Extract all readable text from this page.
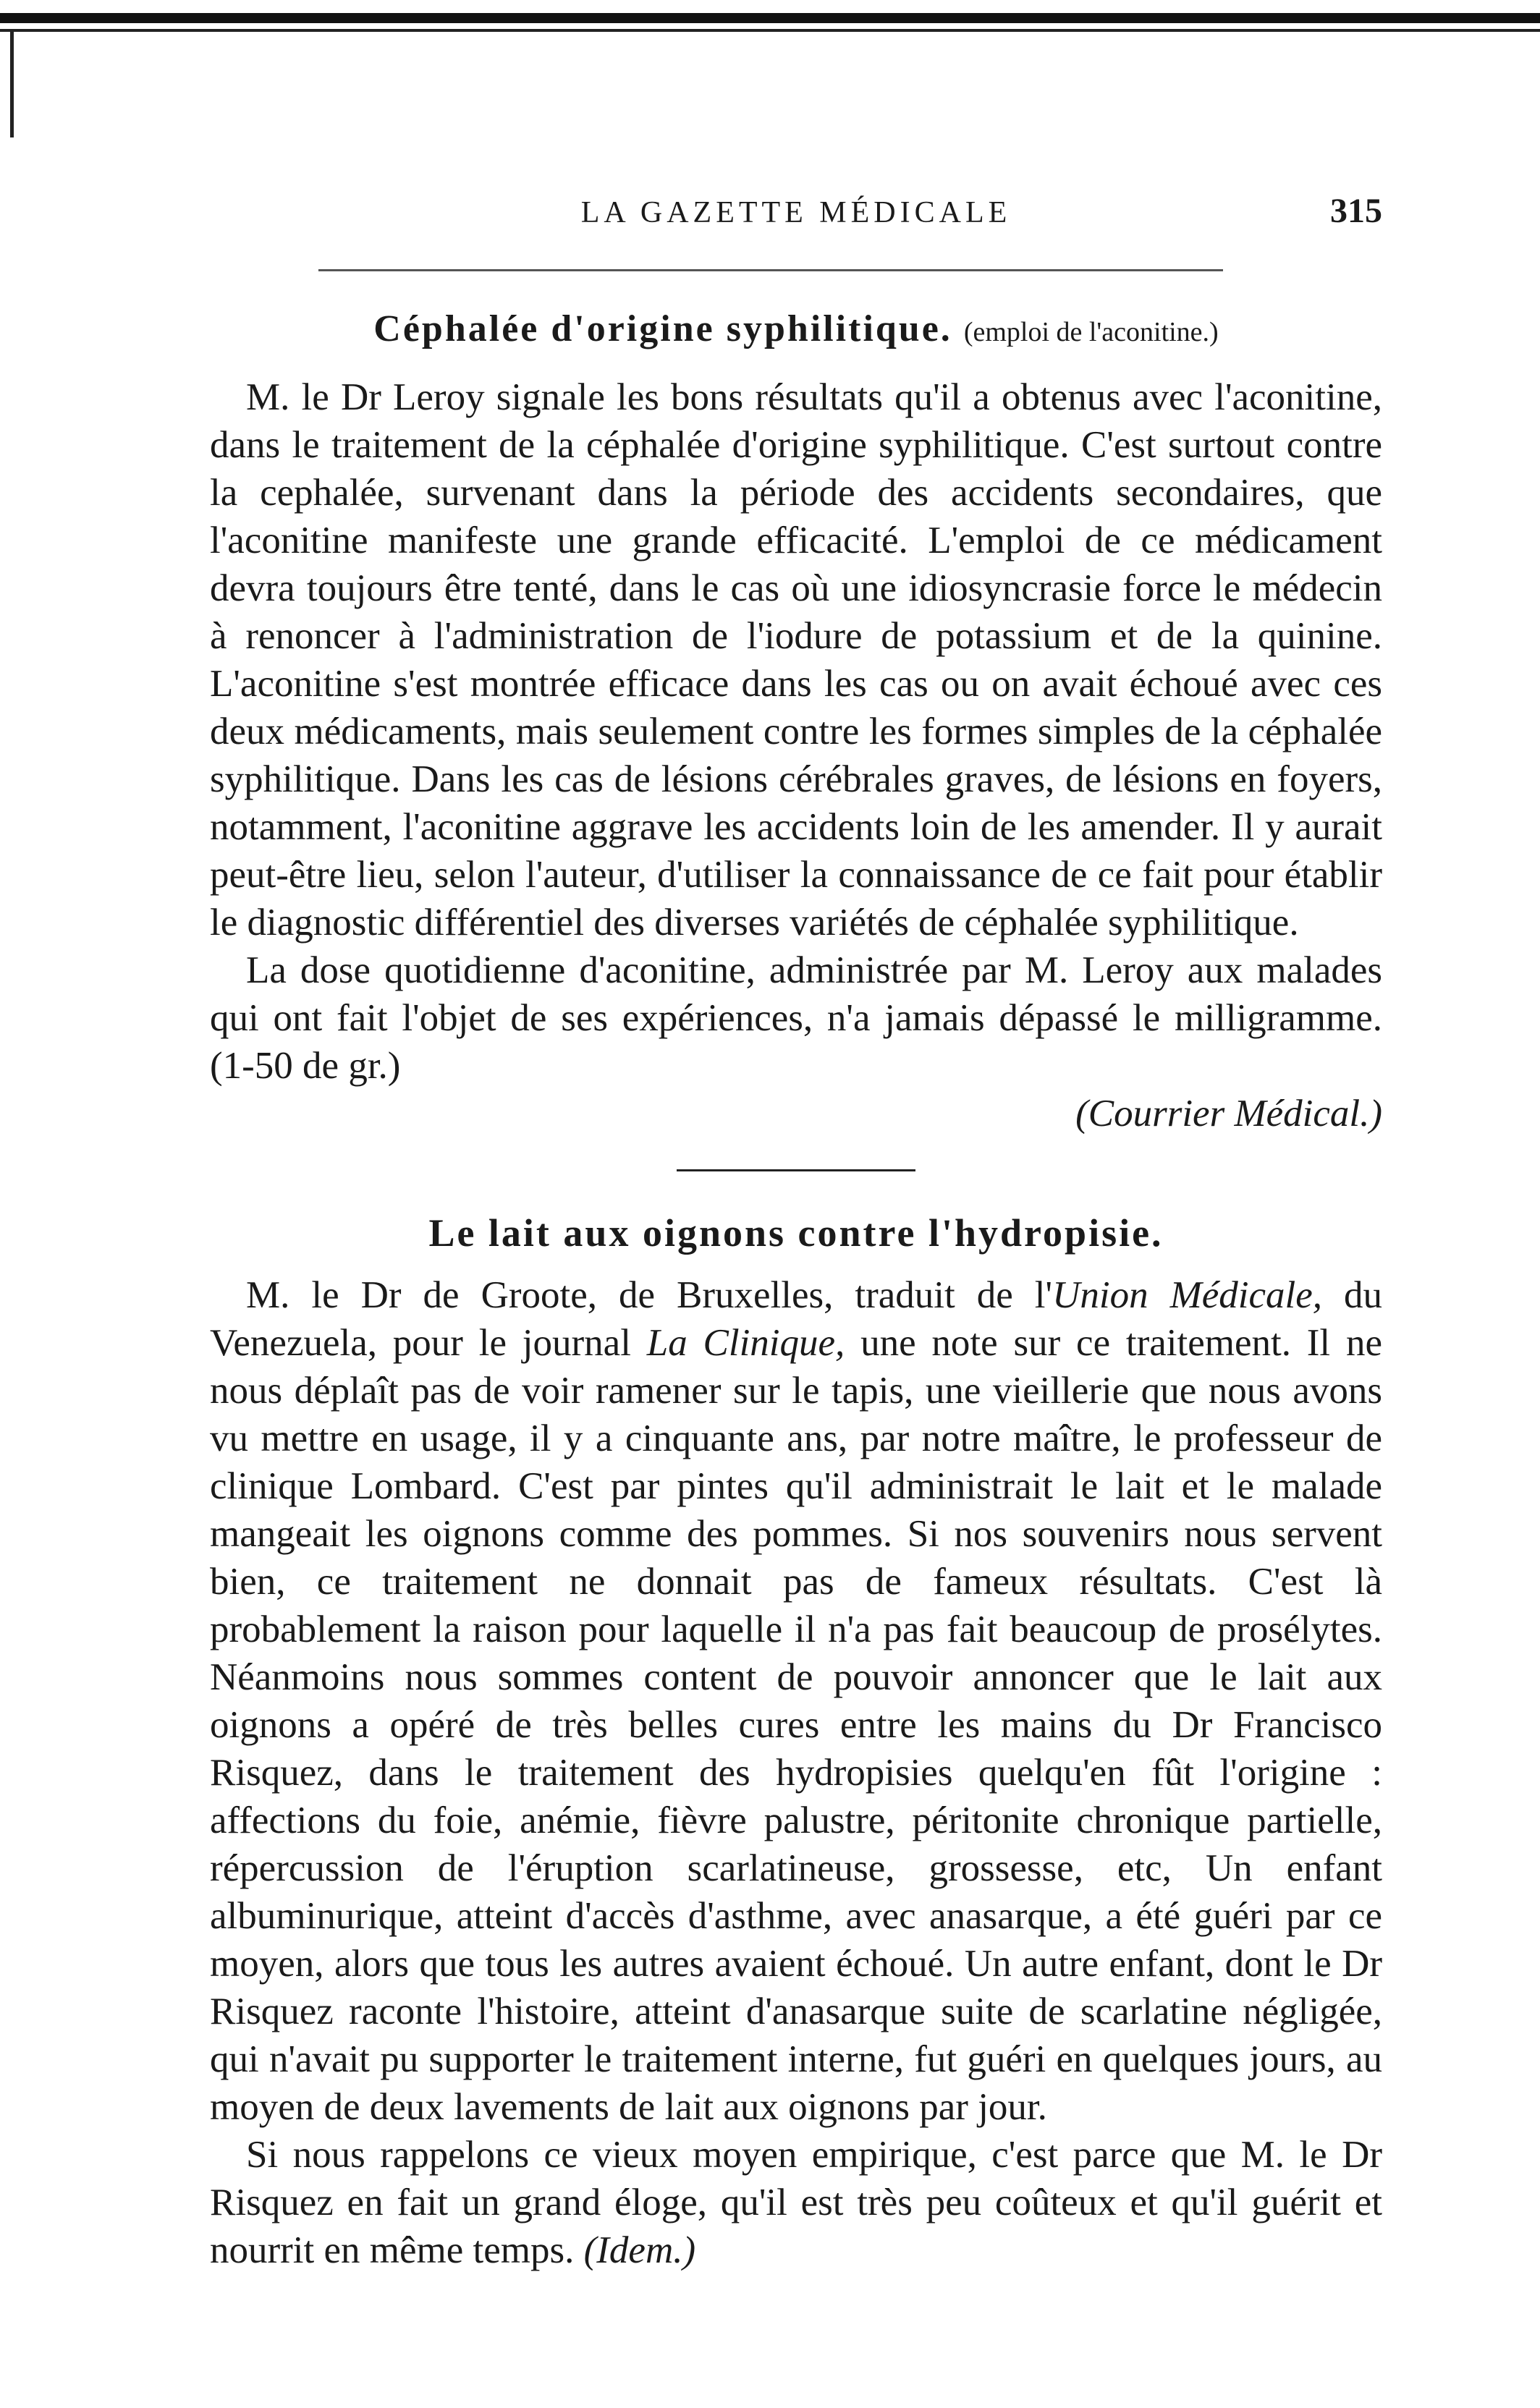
LA GAZETTE MÉDICALE	315
Céphalée d'origine syphilitique. (emploi de l'aconitine.)

M. le Dr Leroy signale les bons résultats qu'il a obtenus avec l'aconitine, dans le traitement de la céphalée d'origine syphilitique. C'est surtout contre la cephalée, survenant dans la période des accidents secondaires, que l'aconitine manifeste une grande efficacité. L'emploi de ce médicament devra toujours être tenté, dans le cas où une idiosyncrasie force le médecin à renoncer à l'administration de l'iodure de potassium et de la quinine. L'aconitine s'est montrée efficace dans les cas ou on avait échoué avec ces deux médicaments, mais seulement contre les formes simples de la céphalée syphilitique. Dans les cas de lésions cérébrales graves, de lésions en foyers, notamment, l'aconitine aggrave les accidents loin de les amender. Il y aurait peut-être lieu, selon l'auteur, d'utiliser la connaissance de ce fait pour établir le diagnostic différentiel des diverses variétés de céphalée syphilitique.

La dose quotidienne d'aconitine, administrée par M. Leroy aux malades qui ont fait l'objet de ses expériences, n'a jamais dépassé le milligramme. (1-50 de gr.)

(Courrier Médical.)
Le lait aux oignons contre l'hydropisie.

M. le Dr de Groote, de Bruxelles, traduit de l'Union Médicale, du Venezuela, pour le journal La Clinique, une note sur ce traitement. Il ne nous déplaît pas de voir ramener sur le tapis, une vieillerie que nous avons vu mettre en usage, il y a cinquante ans, par notre maître, le professeur de clinique Lombard. C'est par pintes qu'il administrait le lait et le malade mangeait les oignons comme des pommes. Si nos souvenirs nous servent bien, ce traitement ne donnait pas de fameux résultats. C'est là probablement la raison pour laquelle il n'a pas fait beaucoup de prosélytes. Néanmoins nous sommes content de pouvoir annoncer que le lait aux oignons a opéré de très belles cures entre les mains du Dr Francisco Risquez, dans le traitement des hydropisies quelqu'en fût l'origine : affections du foie, anémie, fièvre palustre, péritonite chronique partielle, répercussion de l'éruption scarlatineuse, grossesse, etc, Un enfant albuminurique, atteint d'accès d'asthme, avec anasarque, a été guéri par ce moyen, alors que tous les autres avaient échoué. Un autre enfant, dont le Dr Risquez raconte l'histoire, atteint d'anasarque suite de scarlatine négligée, qui n'avait pu supporter le traitement interne, fut guéri en quelques jours, au moyen de deux lavements de lait aux oignons par jour.

Si nous rappelons ce vieux moyen empirique, c'est parce que M. le Dr Risquez en fait un grand éloge, qu'il est très peu coûteux et qu'il guérit et nourrit en même temps. (Idem.)
